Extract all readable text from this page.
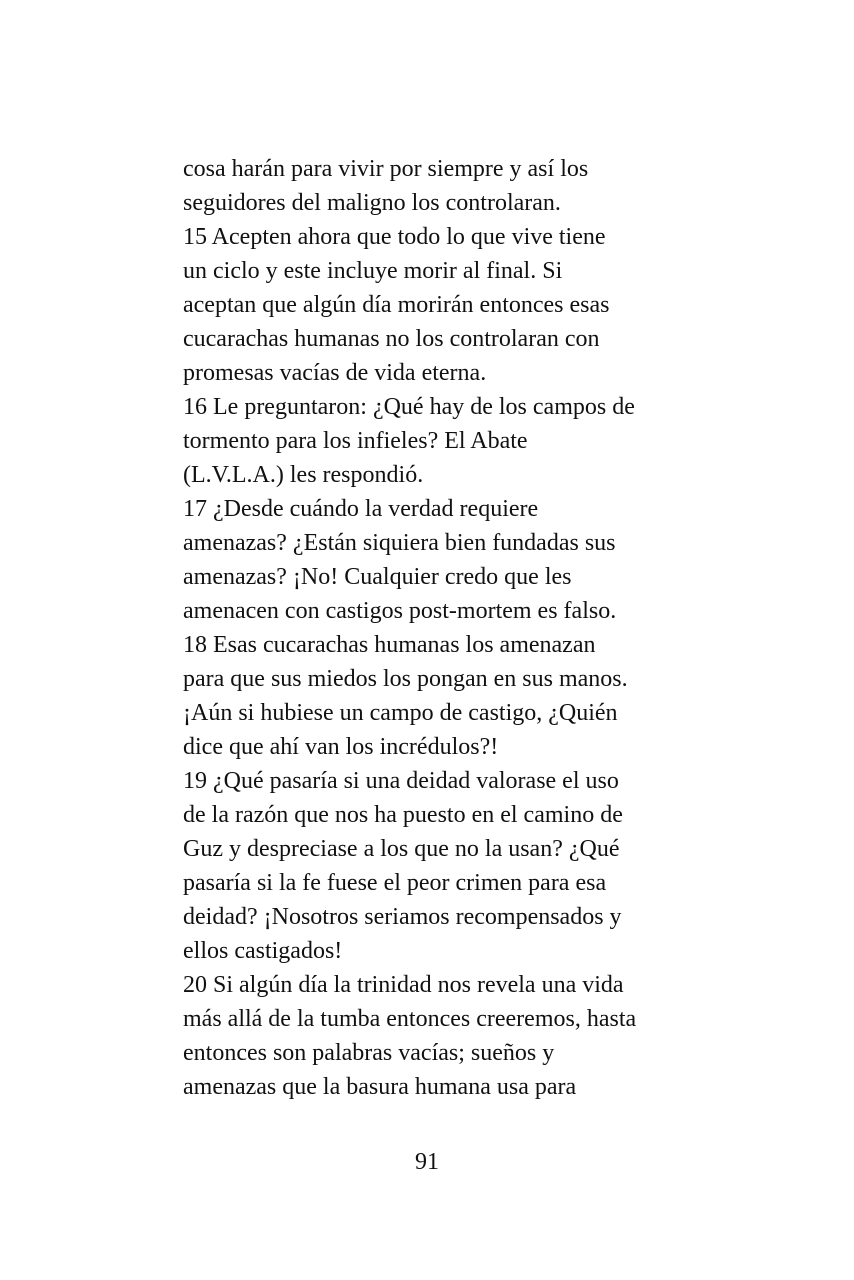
cosa harán para vivir por siempre y así los
seguidores del maligno los controlaran.
15 Acepten ahora que todo lo que vive tiene
un ciclo y este incluye morir al final. Si
aceptan que algún día morirán entonces esas
cucarachas humanas no los controlaran con
promesas vacías de vida eterna.
16 Le preguntaron: ¿Qué hay de los campos de
tormento para los infieles? El Abate
(L.V.L.A.) les respondió.
17 ¿Desde cuándo la verdad requiere
amenazas? ¿Están siquiera bien fundadas sus
amenazas? ¡No! Cualquier credo que les
amenacen con castigos post-mortem es falso.
18 Esas cucarachas humanas los amenazan
para que sus miedos los pongan en sus manos.
¡Aún si hubiese un campo de castigo, ¿Quién
dice que ahí van los incrédulos?!
19 ¿Qué pasaría si una deidad valorase el uso
de la razón que nos ha puesto en el camino de
Guz y despreciase a los que no la usan? ¿Qué
pasaría si la fe fuese el peor crimen para esa
deidad? ¡Nosotros seriamos recompensados y
ellos castigados!
20 Si algún día la trinidad nos revela una vida
más allá de la tumba entonces creeremos, hasta
entonces son palabras vacías; sueños y
amenazas que la basura humana usa para
91
